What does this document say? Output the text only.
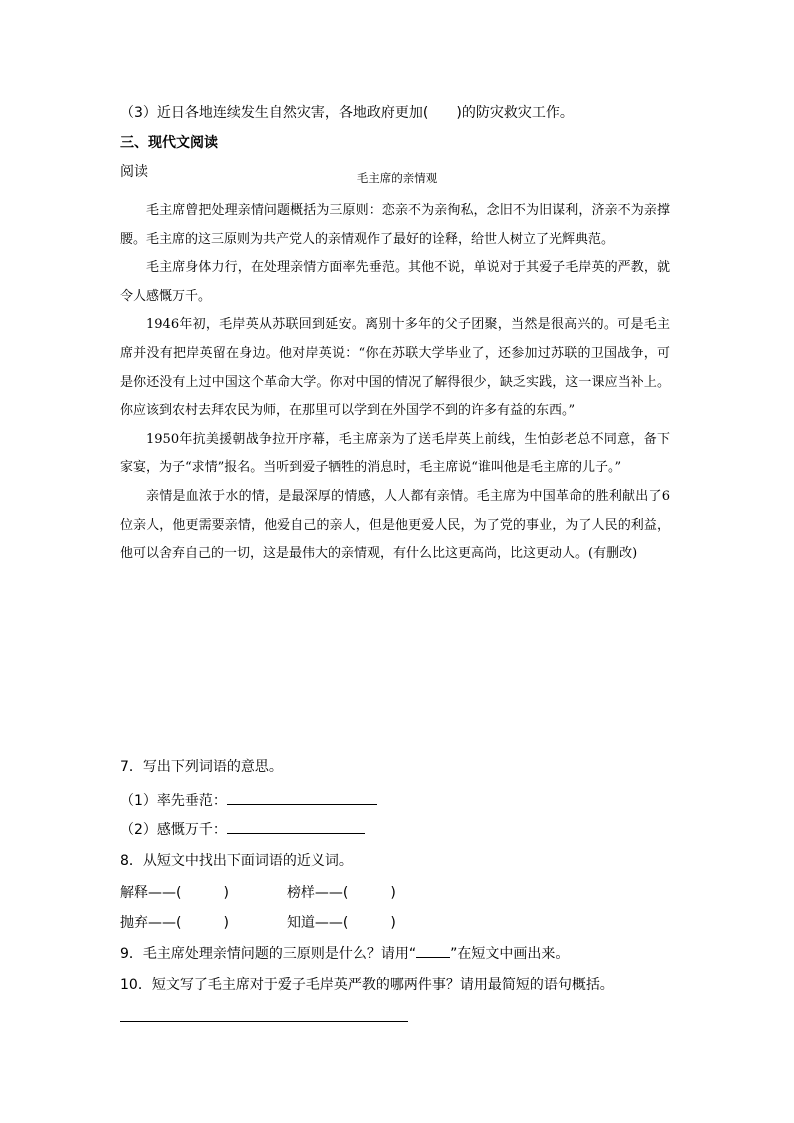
（3）近日各地连续发生自然灾害，各地政府更加(　　)的防灾救灾工作。
三、现代文阅读
阅读	毛主席的亲情观

毛主席曾把处理亲情问题概括为三原则：恋亲不为亲徇私，念旧不为旧谋利，济亲不为亲撑腰。毛主席的这三原则为共产党人的亲情观作了最好的诠释，给世人树立了光辉典范。

毛主席身体力行，在处理亲情方面率先垂范。其他不说，单说对于其爱子毛岸英的严教，就令人感慨万千。

1946年初，毛岸英从苏联回到延安。离别十多年的父子团聚，当然是很高兴的。可是毛主席并没有把岸英留在身边。他对岸英说：“你在苏联大学毕业了，还参加过苏联的卫国战争，可是你还没有上过中国这个革命大学。你对中国的情况了解得很少，缺乏实践，这一课应当补上。你应该到农村去拜农民为师，在那里可以学到在外国学不到的许多有益的东西。”

1950年抗美援朝战争拉开序幕，毛主席亲为了送毛岸英上前线，生怕彭老总不同意，备下家宴，为子“求情”报名。当听到爱子牺牲的消息时，毛主席说“谁叫他是毛主席的儿子。”

亲情是血浓于水的情，是最深厚的情感，人人都有亲情。毛主席为中国革命的胜利献出了6位亲人，他更需要亲情，他爱自己的亲人，但是他更爱人民，为了党的事业，为了人民的利益，他可以舍弃自己的一切，这是最伟大的亲情观，有什么比这更高尚，比这更动人。(有删改)

7．写出下列词语的意思。
（1）率先垂范：
（2）感慨万千：
8．从短文中找出下面词语的近义词。
解释——(　　　)	榜样——(　　　)
抛弃——(　　　)	知道——(　　　)
9．毛主席处理亲情问题的三原则是什么？请用“ ”在短文中画出来。
10．短文写了毛主席对于爱子毛岸英严教的哪两件事？请用最简短的语句概括。
